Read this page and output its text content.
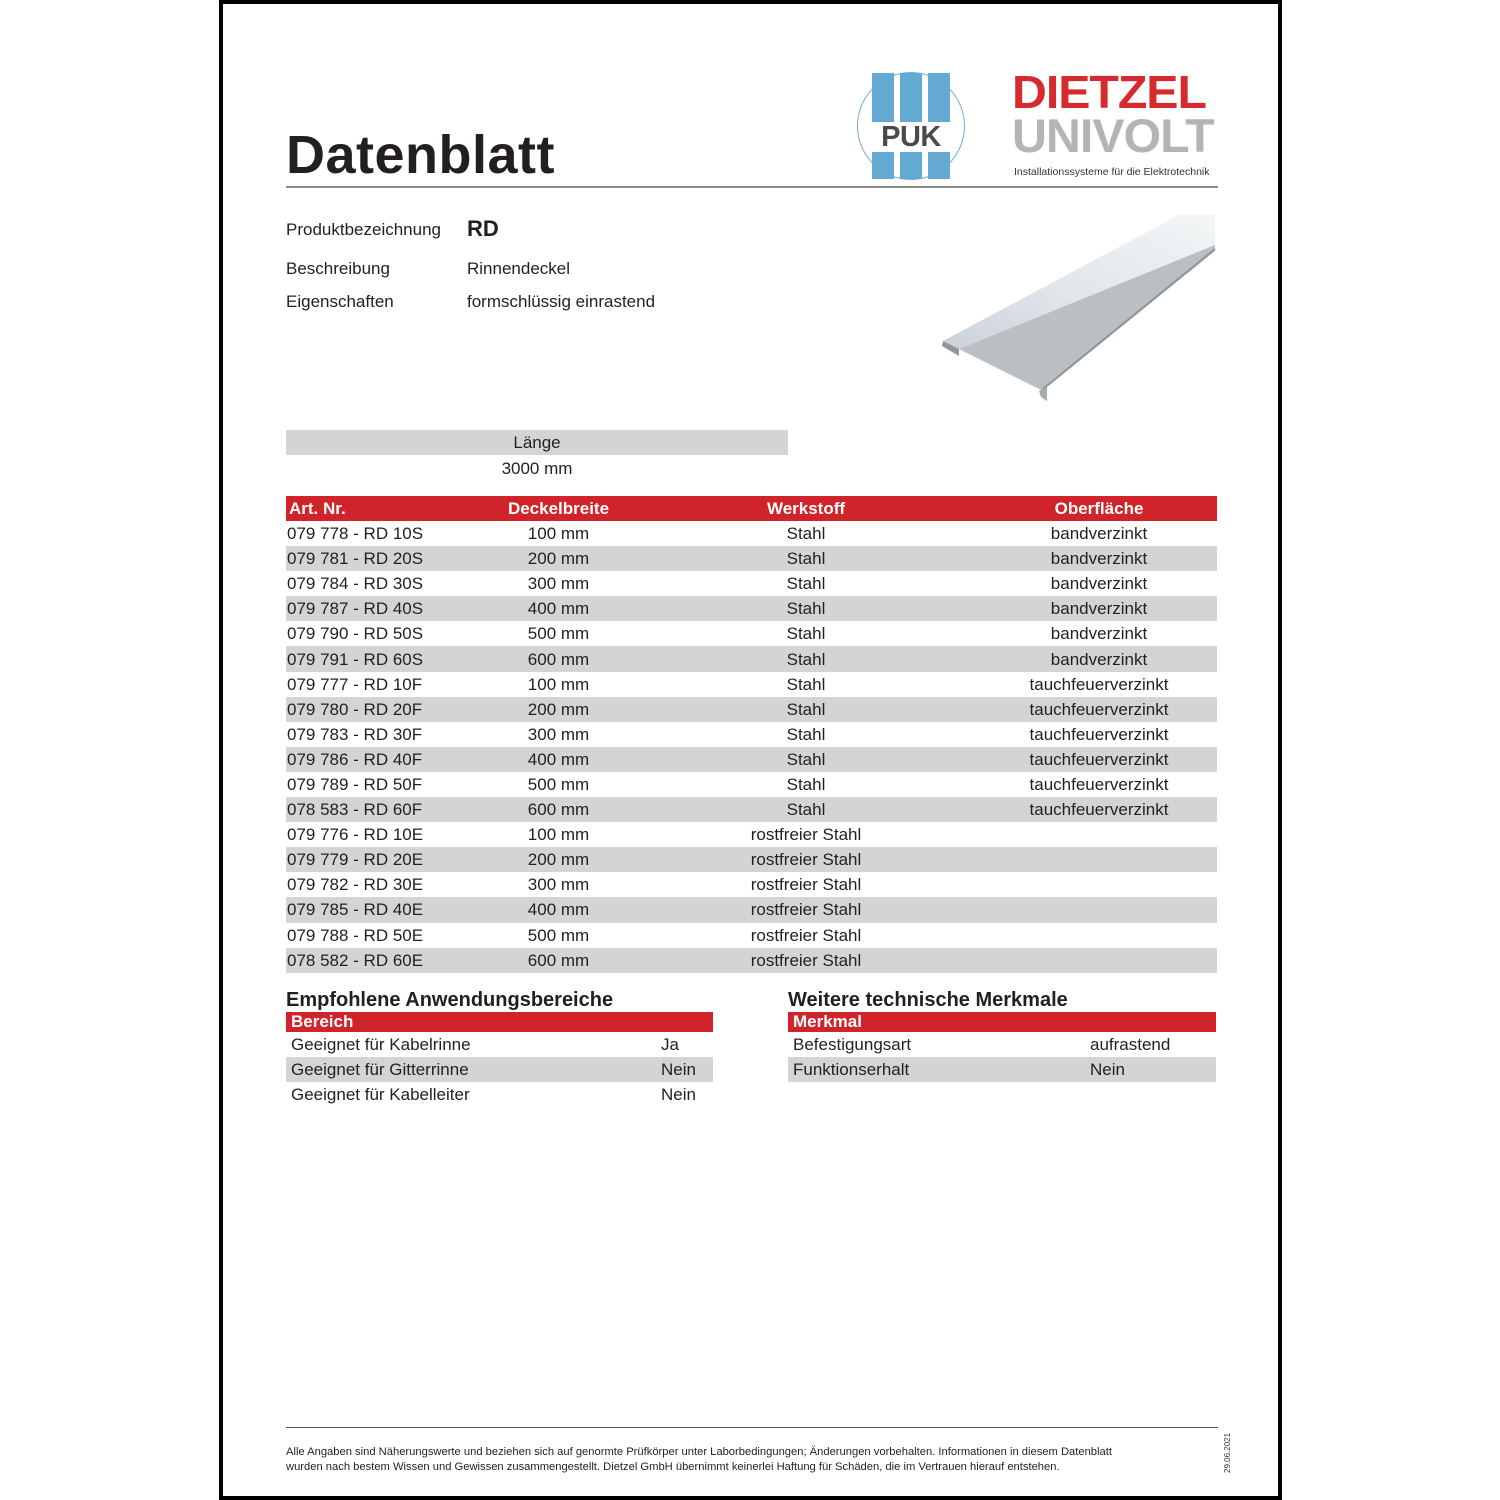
Datenblatt	PUK
DIETZEL
UNIVOLT
Installationssysteme für die Elektrotechnik
Produktbezeichnung RD
Beschreibung	Rinnendeckel
Eigenschaften	formschlüssig einrastend
Länge
3000 mm
Art. Nr.	Deckelbreite	Werkstoff	Oberfläche
079 778 - RD 10S	100 mm	Stahl	bandverzinkt
079 781 - RD 20S	200 mm	Stahl	bandverzinkt
079 784 - RD 30S	300 mm	Stahl	bandverzinkt
079 787 - RD 40S	400 mm	Stahl	bandverzinkt
079 790 - RD 50S	500 mm	Stahl	bandverzinkt
079 791 - RD 60S	600 mm	Stahl	bandverzinkt
079 777 - RD 10F	100 mm	Stahl	tauchfeuerverzinkt
079 780 - RD 20F	200 mm	Stahl	tauchfeuerverzinkt
079 783 - RD 30F	300 mm	Stahl	tauchfeuerverzinkt
079 786 - RD 40F	400 mm	Stahl	tauchfeuerverzinkt
079 789 - RD 50F	500 mm	Stahl	tauchfeuerverzinkt
078 583 - RD 60F	600 mm	Stahl	tauchfeuerverzinkt
079 776 - RD 10E	100 mm	rostfreier Stahl	
079 779 - RD 20E	200 mm	rostfreier Stahl	
079 782 - RD 30E	300 mm	rostfreier Stahl	
079 785 - RD 40E	400 mm	rostfreier Stahl	
079 788 - RD 50E	500 mm	rostfreier Stahl	
078 582 - RD 60E	600 mm	rostfreier Stahl	
Empfohlene Anwendungsbereiche
Bereich	
Geeignet für Kabelrinne	Ja
Geeignet für Gitterrinne	Nein
Geeignet für Kabelleiter	Nein
Weitere technische Merkmale
Merkmal	
Befestigungsart	aufrastend
Funktionserhalt	Nein
Alle Angaben sind Näherungswerte und beziehen sich auf genormte Prüfkörper unter Laborbedingungen; Änderungen vorbehalten. Informationen in diesem Datenblatt
wurden nach bestem Wissen und Gewissen zusammengestellt. Dietzel GmbH übernimmt keinerlei Haftung für Schäden, die im Vertrauen hierauf entstehen.	29.06.2021
